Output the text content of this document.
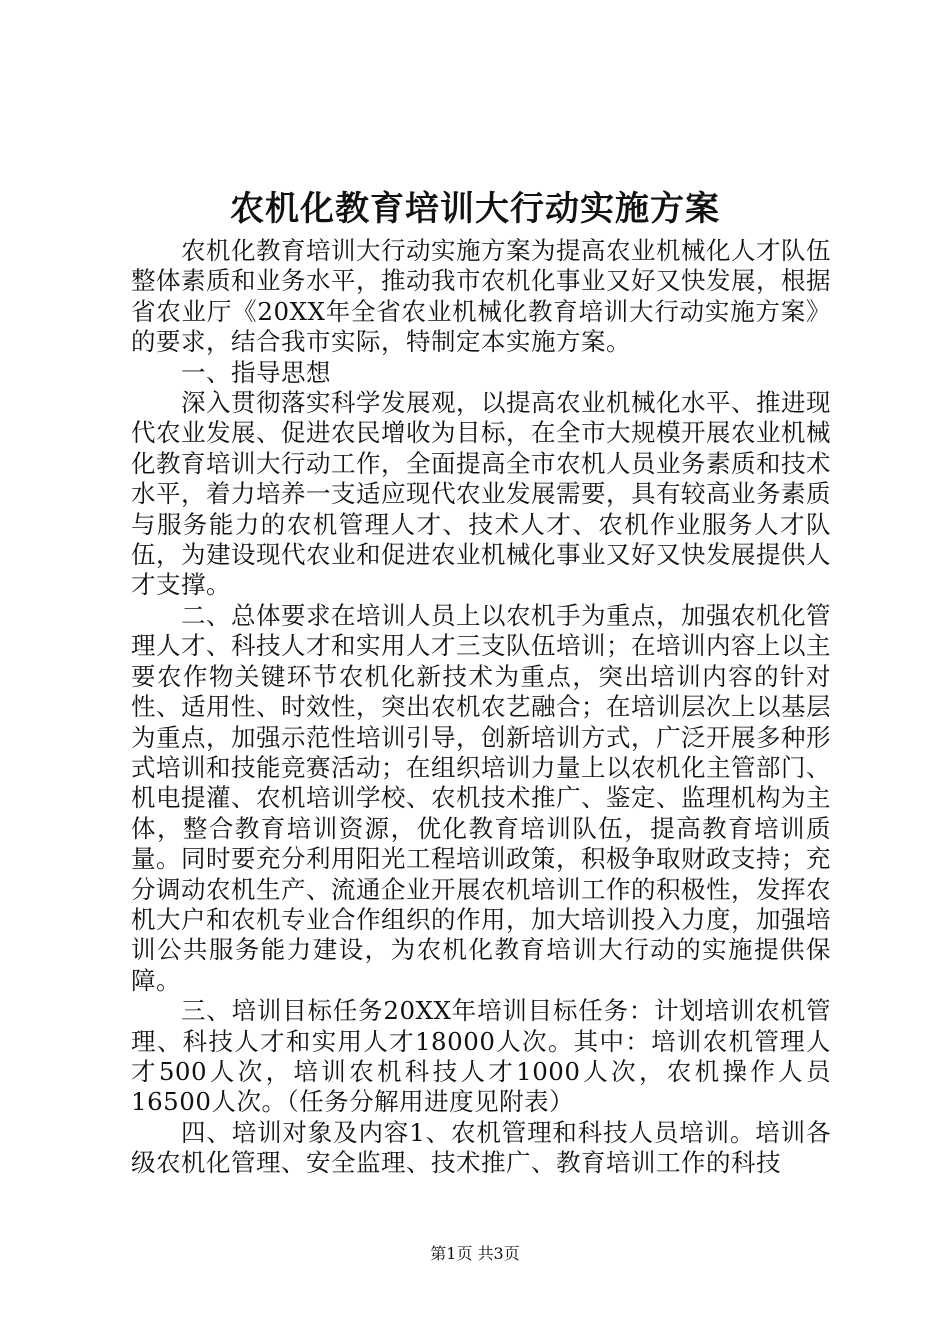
农机化教育培训大行动实施方案

农机化教育培训大行动实施方案为提高农业机械化人才队伍整体素质和业务水平，推动我市农机化事业又好又快发展，根据省农业厅《20XX年全省农业机械化教育培训大行动实施方案》的要求，结合我市实际，特制定本实施方案。

一、指导思想

深入贯彻落实科学发展观，以提高农业机械化水平、推进现代农业发展、促进农民增收为目标，在全市大规模开展农业机械化教育培训大行动工作，全面提高全市农机人员业务素质和技术水平，着力培养一支适应现代农业发展需要，具有较高业务素质与服务能力的农机管理人才、技术人才、农机作业服务人才队伍，为建设现代农业和促进农业机械化事业又好又快发展提供人才支撑。

二、总体要求在培训人员上以农机手为重点，加强农机化管理人才、科技人才和实用人才三支队伍培训；在培训内容上以主要农作物关键环节农机化新技术为重点，突出培训内容的针对性、适用性、时效性，突出农机农艺融合；在培训层次上以基层为重点，加强示范性培训引导，创新培训方式，广泛开展多种形式培训和技能竞赛活动；在组织培训力量上以农机化主管部门、机电提灌、农机培训学校、农机技术推广、鉴定、监理机构为主体，整合教育培训资源，优化教育培训队伍，提高教育培训质量。同时要充分利用阳光工程培训政策，积极争取财政支持；充分调动农机生产、流通企业开展农机培训工作的积极性，发挥农机大户和农机专业合作组织的作用，加大培训投入力度，加强培训公共服务能力建设，为农机化教育培训大行动的实施提供保障。

三、培训目标任务20XX年培训目标任务：计划培训农机管理、科技人才和实用人才18000人次。其中：培训农机管理人才500人次，培训农机科技人才1000人次，农机操作人员16500人次。（任务分解用进度见附表）

四、培训对象及内容1、农机管理和科技人员培训。培训各级农机化管理、安全监理、技术推广、教育培训工作的科技

第1页 共3页
